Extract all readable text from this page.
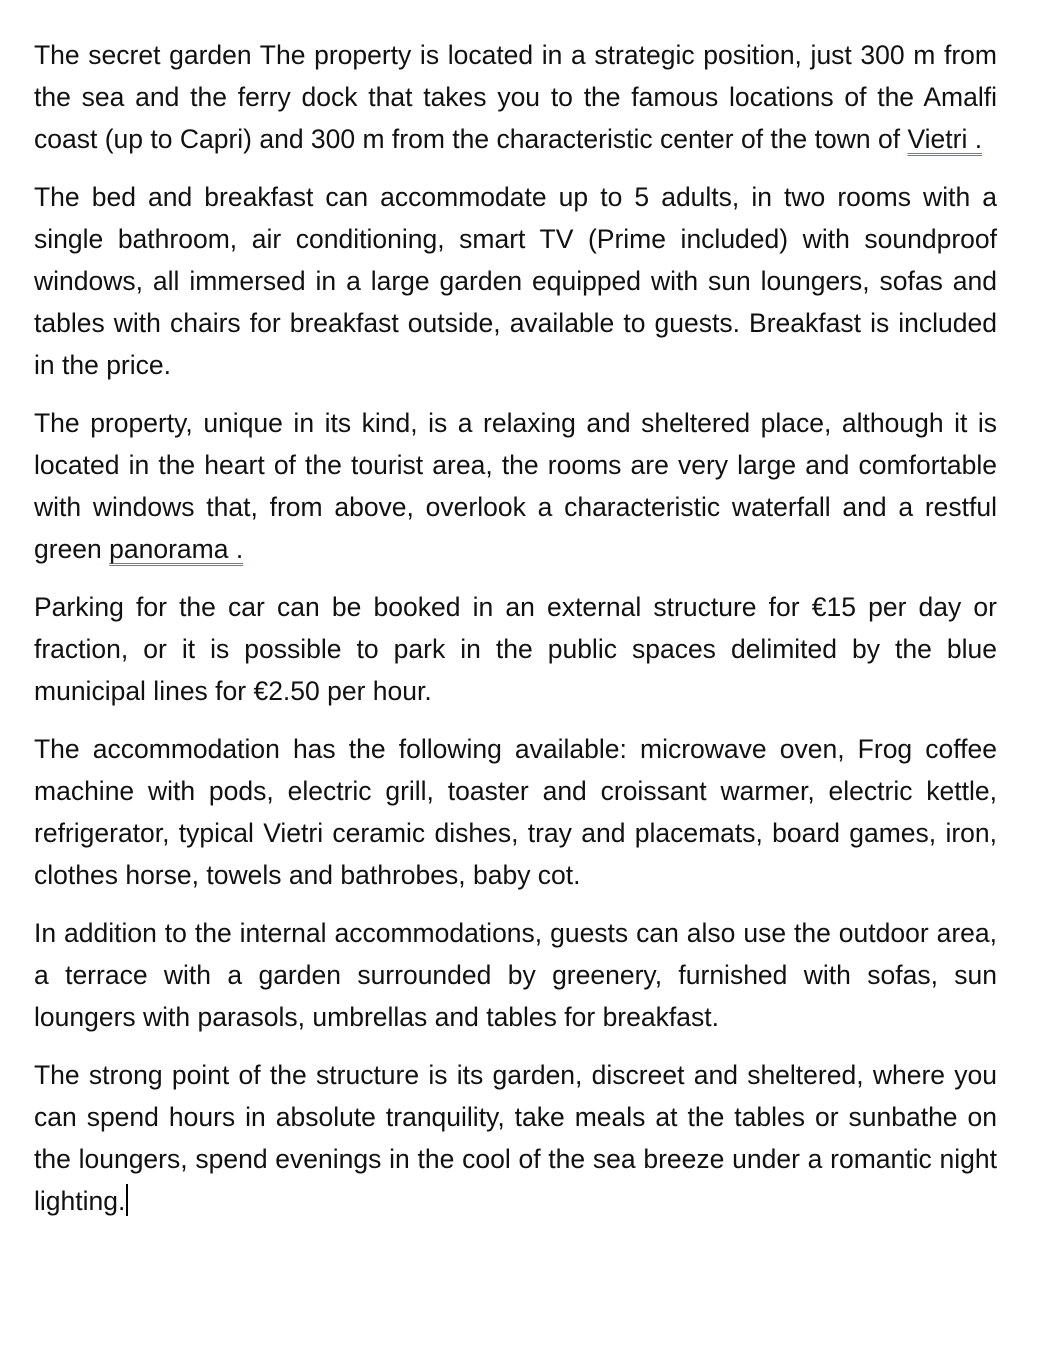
The secret garden The property is located in a strategic position, just 300 m from the sea and the ferry dock that takes you to the famous locations of the Amalfi coast (up to Capri) and 300 m from the characteristic center of the town of Vietri .

The bed and breakfast can accommodate up to 5 adults, in two rooms with a single bathroom, air conditioning, smart TV (Prime included) with soundproof windows, all immersed in a large garden equipped with sun loungers, sofas and tables with chairs for breakfast outside, available to guests. Breakfast is included in the price.

The property, unique in its kind, is a relaxing and sheltered place, although it is located in the heart of the tourist area, the rooms are very large and comfortable with windows that, from above, overlook a characteristic waterfall and a restful green panorama .

Parking for the car can be booked in an external structure for €15 per day or fraction, or it is possible to park in the public spaces delimited by the blue municipal lines for €2.50 per hour.

The accommodation has the following available: microwave oven, Frog coffee machine with pods, electric grill, toaster and croissant warmer, electric kettle, refrigerator, typical Vietri ceramic dishes, tray and placemats, board games, iron, clothes horse, towels and bathrobes, baby cot.

In addition to the internal accommodations, guests can also use the outdoor area, a terrace with a garden surrounded by greenery, furnished with sofas, sun loungers with parasols, umbrellas and tables for breakfast.

The strong point of the structure is its garden, discreet and sheltered, where you can spend hours in absolute tranquility, take meals at the tables or sunbathe on the loungers, spend evenings in the cool of the sea breeze under a romantic night lighting.
